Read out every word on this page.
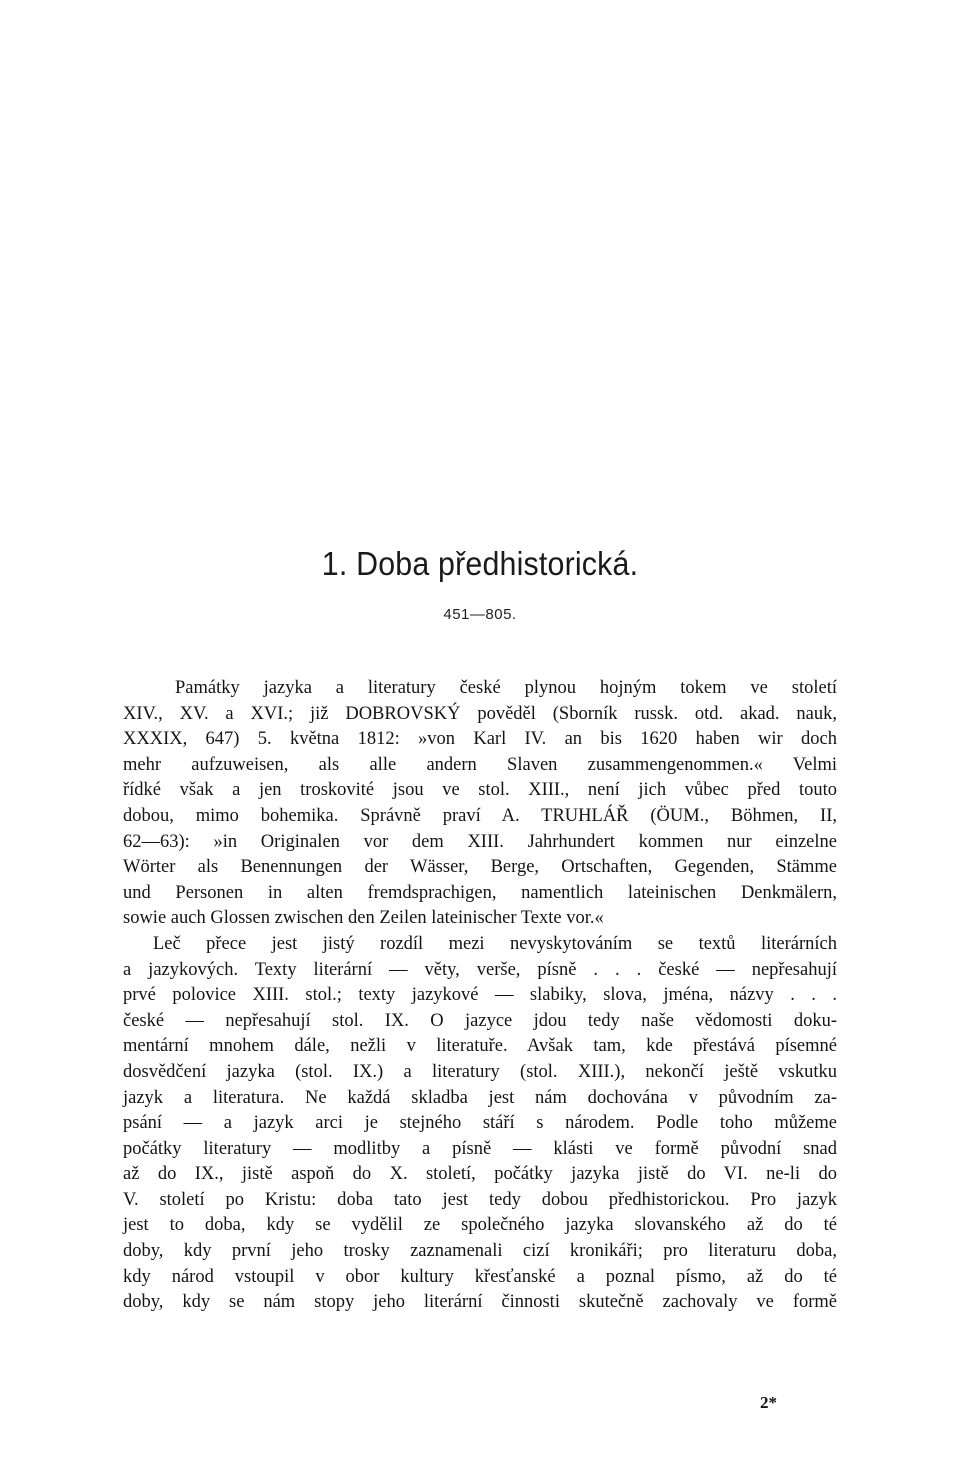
1. Doba předhistorická.
451—805.
Památky jazyka a literatury české plynou hojným tokem ve století
XIV., XV. a XVI.; již DOBROVSKÝ pověděl (Sborník russk. otd. akad. nauk,
XXXIX, 647) 5. května 1812: »von Karl IV. an bis 1620 haben wir doch
mehr aufzuweisen, als alle andern Slaven zusammengenommen.« Velmi
řídké však a jen troskovité jsou ve stol. XIII., není jich vůbec před touto
dobou, mimo bohemika. Správně praví A. TRUHLÁŘ (ÖUM., Böhmen, II,
62—63): »in Originalen vor dem XIII. Jahrhundert kommen nur einzelne
Wörter als Benennungen der Wässer, Berge, Ortschaften, Gegenden, Stämme
und Personen in alten fremdsprachigen, namentlich lateinischen Denkmälern,
sowie auch Glossen zwischen den Zeilen lateinischer Texte vor.«
Leč přece jest jistý rozdíl mezi nevyskytováním se textů literárních
a jazykových. Texty literární — věty, verše, písně . . . české — nepřesahují
prvé polovice XIII. stol.; texty jazykové — slabiky, slova, jména, názvy . . .
české — nepřesahují stol. IX. O jazyce jdou tedy naše vědomosti doku-
mentární mnohem dále, nežli v literatuře. Avšak tam, kde přestává písemné
dosvědčení jazyka (stol. IX.) a literatury (stol. XIII.), nekončí ještě vskutku
jazyk a literatura. Ne každá skladba jest nám dochována v původním za-
psání — a jazyk arci je stejného stáří s národem. Podle toho můžeme
počátky literatury — modlitby a písně — klásti ve formě původní snad
až do IX., jistě aspoň do X. století, počátky jazyka jistě do VI. ne-li do
V. století po Kristu: doba tato jest tedy dobou předhistorickou. Pro jazyk
jest to doba, kdy se vydělil ze společného jazyka slovanského až do té
doby, kdy první jeho trosky zaznamenali cizí kronikáři; pro literaturu doba,
kdy národ vstoupil v obor kultury křesťanské a poznal písmo, až do té
doby, kdy se nám stopy jeho literární činnosti skutečně zachovaly ve formě
2*
